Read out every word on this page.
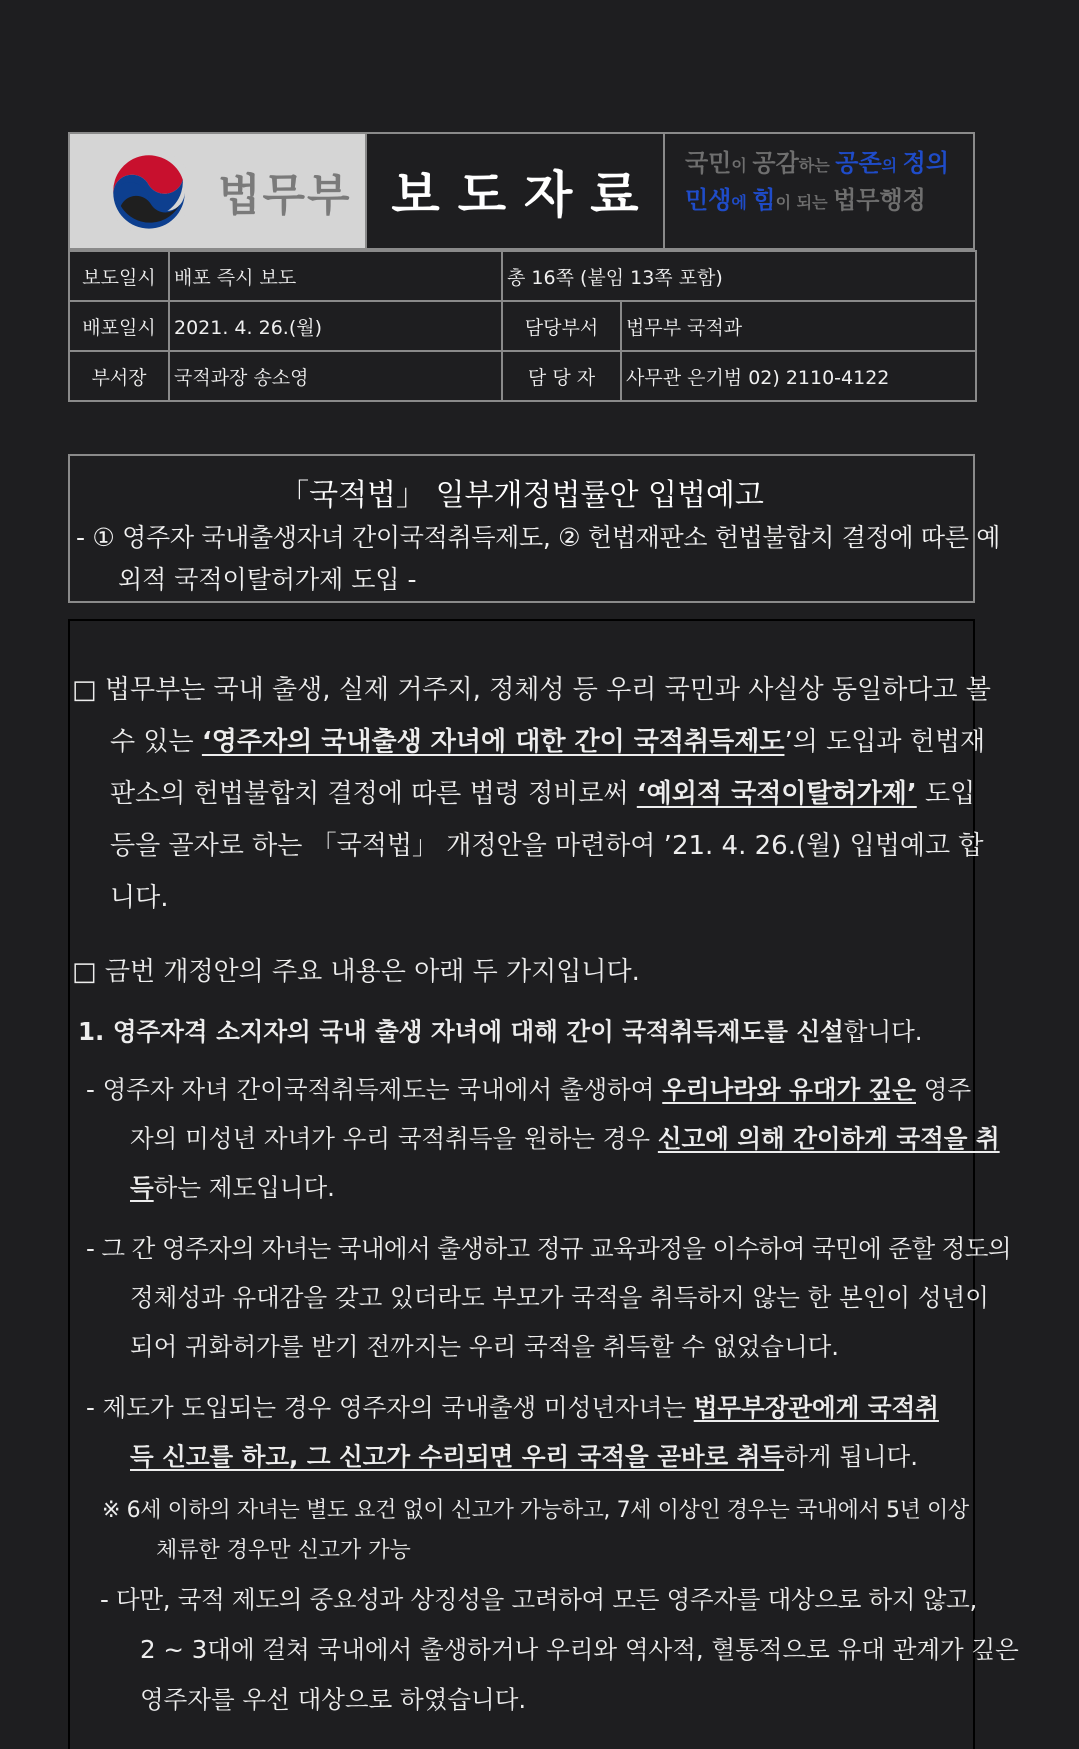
법무부 보도자료
국민이 공감하는 공존의 정의
민생에 힘이 되는 법무행정
보도일시	배포 즉시 보도	총 16쪽 (붙임 13쪽 포함)	
배포일시	2021. 4. 26.(월)	담당부서	법무부 국적과
부서장	국적과장 송소영	담 당 자	사무관 은기범 02) 2110-4122
「국적법」 일부개정법률안 입법예고
- ① 영주자 국내출생자녀 간이국적취득제도, ② 헌법재판소 헌법불합치 결정에 따른 예
외적 국적이탈허가제 도입 -
□ 법무부는 국내 출생, 실제 거주지, 정체성 등 우리 국민과 사실상 동일하다고 볼
수 있는 ‘영주자의 국내출생 자녀에 대한 간이 국적취득제도’의 도입과 헌법재
판소의 헌법불합치 결정에 따른 법령 정비로써 ‘예외적 국적이탈허가제’ 도입
등을 골자로 하는 「국적법」 개정안을 마련하여 ’21. 4. 26.(월) 입법예고 합
니다.
□ 금번 개정안의 주요 내용은 아래 두 가지입니다.
1. 영주자격 소지자의 국내 출생 자녀에 대해 간이 국적취득제도를 신설합니다.
- 영주자 자녀 간이국적취득제도는 국내에서 출생하여 우리나라와 유대가 깊은 영주
자의 미성년 자녀가 우리 국적취득을 원하는 경우 신고에 의해 간이하게 국적을 취
득하는 제도입니다.
- 그 간 영주자의 자녀는 국내에서 출생하고 정규 교육과정을 이수하여 국민에 준할 정도의
정체성과 유대감을 갖고 있더라도 부모가 국적을 취득하지 않는 한 본인이 성년이
되어 귀화허가를 받기 전까지는 우리 국적을 취득할 수 없었습니다.
- 제도가 도입되는 경우 영주자의 국내출생 미성년자녀는 법무부장관에게 국적취
득 신고를 하고, 그 신고가 수리되면 우리 국적을 곧바로 취득하게 됩니다.
※ 6세 이하의 자녀는 별도 요건 없이 신고가 가능하고, 7세 이상인 경우는 국내에서 5년 이상
체류한 경우만 신고가 가능
- 다만, 국적 제도의 중요성과 상징성을 고려하여 모든 영주자를 대상으로 하지 않고,
2 ~ 3대에 걸쳐 국내에서 출생하거나 우리와 역사적, 혈통적으로 유대 관계가 깊은
영주자를 우선 대상으로 하였습니다.
